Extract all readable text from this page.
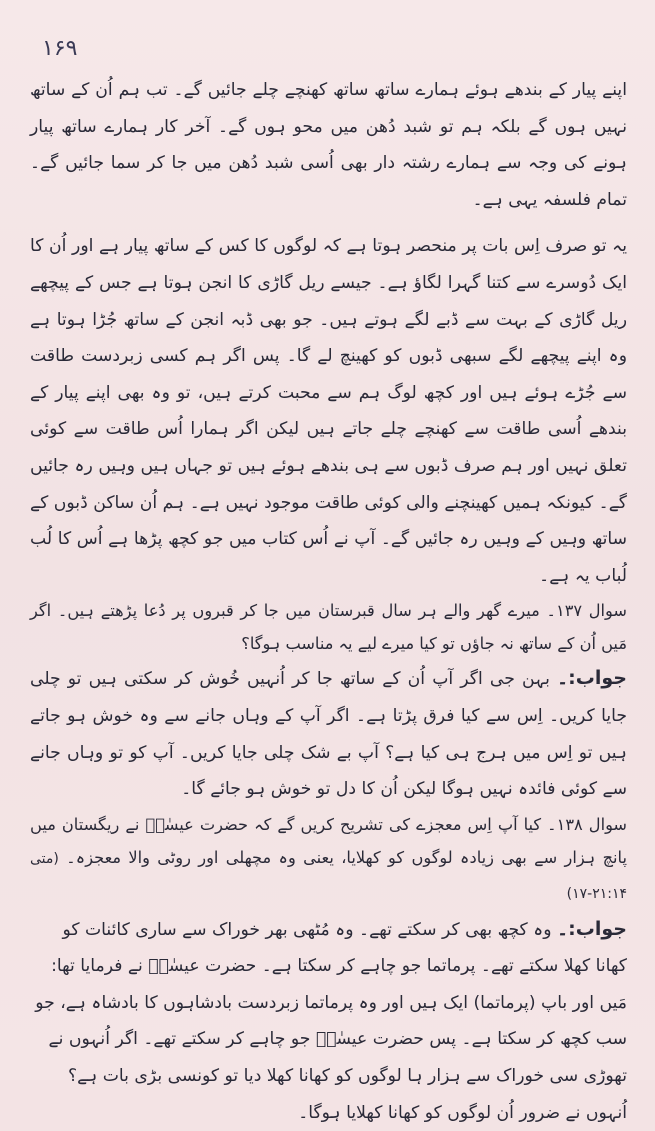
۱۶۹

اپنے پیار کے بندھے ہوئے ہمارے ساتھ ساتھ کھنچے چلے جائیں گے۔ تب ہم اُن کے ساتھ نہیں ہوں گے بلکہ ہم تو شبد دُھن میں محو ہوں گے۔ آخر کار ہمارے ساتھ پیار ہونے کی وجہ سے ہمارے رشتہ دار بھی اُسی شبد دُھن میں جا کر سما جائیں گے۔ تمام فلسفہ یہی ہے۔

یہ تو صرف اِس بات پر منحصر ہوتا ہے کہ لوگوں کا کس کے ساتھ پیار ہے اور اُن کا ایک دُوسرے سے کتنا گہرا لگاؤ ہے۔ جیسے ریل گاڑی کا انجن ہوتا ہے جس کے پیچھے ریل گاڑی کے بہت سے ڈبے لگے ہوتے ہیں۔ جو بھی ڈبہ انجن کے ساتھ جُڑا ہوتا ہے وہ اپنے پیچھے لگے سبھی ڈبوں کو کھینچ لے گا۔ پس اگر ہم کسی زبردست طاقت سے جُڑے ہوئے ہیں اور کچھ لوگ ہم سے محبت کرتے ہیں، تو وہ بھی اپنے پیار کے بندھے اُسی طاقت سے کھنچے چلے جاتے ہیں لیکن اگر ہمارا اُس طاقت سے کوئی تعلق نہیں اور ہم صرف ڈبوں سے ہی بندھے ہوئے ہیں تو جہاں ہیں وہیں رہ جائیں گے۔ کیونکہ ہمیں کھینچنے والی کوئی طاقت موجود نہیں ہے۔ ہم اُن ساکن ڈبوں کے ساتھ وہیں کے وہیں رہ جائیں گے۔ آپ نے اُس کتاب میں جو کچھ پڑھا ہے اُس کا لُب لُباب یہ ہے۔

سوال ۱۳۷۔ میرے گھر والے ہر سال قبرستان میں جا کر قبروں پر دُعا پڑھتے ہیں۔ اگر مَیں اُن کے ساتھ نہ جاؤں تو کیا میرے لیے یہ مناسب ہوگا؟

جواب:۔ بہن جی اگر آپ اُن کے ساتھ جا کر اُنہیں خُوش کر سکتی ہیں تو چلی جایا کریں۔ اِس سے کیا فرق پڑتا ہے۔ اگر آپ کے وہاں جانے سے وہ خوش ہو جاتے ہیں تو اِس میں ہرج ہی کیا ہے؟ آپ بے شک چلی جایا کریں۔ آپ کو تو وہاں جانے سے کوئی فائدہ نہیں ہوگا لیکن اُن کا دل تو خوش ہو جائے گا۔

سوال ۱۳۸۔ کیا آپ اِس معجزے کی تشریح کریں گے کہ حضرت عیسٰےؑ نے ریگستان میں پانچ ہزار سے بھی زیادہ لوگوں کو کھلایا، یعنی وہ مچھلی اور روٹی والا معجزہ۔ (متی ۲۱:۱۴-۱۷)

جواب:۔ وہ کچھ بھی کر سکتے تھے۔ وہ مُٹھی بھر خوراک سے ساری کائنات کو کھانا کھلا سکتے تھے۔ پرماتما جو چاہے کر سکتا ہے۔ حضرت عیسٰےؑ نے فرمایا تھا: مَیں اور باپ (پرماتما) ایک ہیں اور وہ پرماتما زبردست بادشاہوں کا بادشاہ ہے، جو سب کچھ کر سکتا ہے۔ پس حضرت عیسٰےؑ جو چاہے کر سکتے تھے۔ اگر اُنہوں نے تھوڑی سی خوراک سے ہزار ہا لوگوں کو کھانا کھلا دیا تو کونسی بڑی بات ہے؟ اُنہوں نے ضرور اُن لوگوں کو کھانا کھلایا ہوگا۔
